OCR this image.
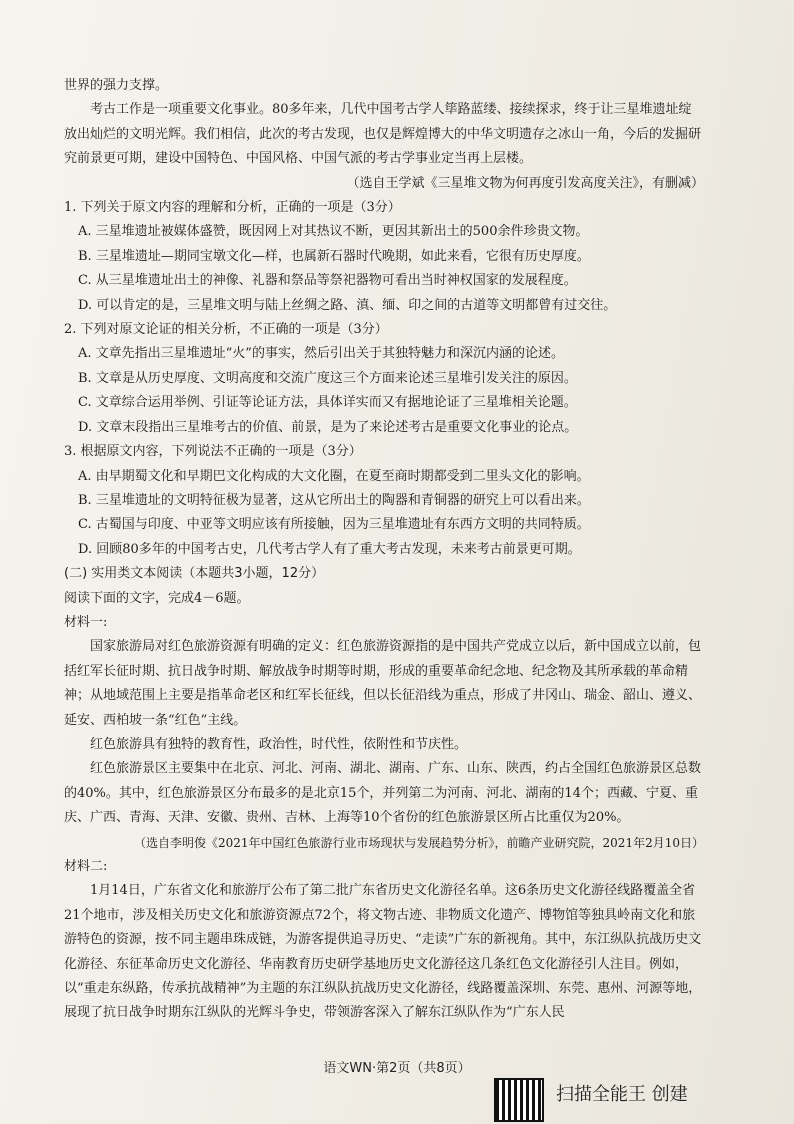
世界的强力支撑。

考古工作是一项重要文化事业。80多年来，几代中国考古学人筚路蓝缕、接续探求，终于让三星堆遗址绽放出灿烂的文明光辉。我们相信，此次的考古发现，也仅是辉煌博大的中华文明遗存之冰山一角，今后的发掘研究前景更可期，建设中国特色、中国风格、中国气派的考古学事业定当再上层楼。

（选自王学斌《三星堆文物为何再度引发高度关注》，有删减）

1. 下列关于原文内容的理解和分析，正确的一项是（3分）

A. 三星堆遗址被媒体盛赞，既因网上对其热议不断，更因其新出土的500余件珍贵文物。

B. 三星堆遗址—期同宝墩文化—样，也属新石器时代晚期，如此来看，它很有历史厚度。

C. 从三星堆遗址出土的神像、礼器和祭品等祭祀器物可看出当时神权国家的发展程度。

D. 可以肯定的是，三星堆文明与陆上丝绸之路、滇、缅、印之间的古道等文明都曾有过交往。

2. 下列对原文论证的相关分析，不正确的一项是（3分）

A. 文章先指出三星堆遗址“火”的事实，然后引出关于其独特魅力和深沉内涵的论述。

B. 文章是从历史厚度、文明高度和交流广度这三个方面来论述三星堆引发关注的原因。

C. 文章综合运用举例、引证等论证方法，具体详实而又有据地论证了三星堆相关论题。

D. 文章末段指出三星堆考古的价值、前景，是为了来论述考古是重要文化事业的论点。

3. 根据原文内容，下列说法不正确的一项是（3分）

A. 由早期蜀文化和早期巴文化构成的大文化圈，在夏至商时期都受到二里头文化的影响。

B. 三星堆遗址的文明特征极为显著，这从它所出土的陶器和青铜器的研究上可以看出来。

C. 古蜀国与印度、中亚等文明应该有所接触，因为三星堆遗址有东西方文明的共同特质。

D. 回顾80多年的中国考古史，几代考古学人有了重大考古发现，未来考古前景更可期。

(二) 实用类文本阅读（本题共3小题，12分）

阅读下面的文字，完成4－6题。

材料一:

国家旅游局对红色旅游资源有明确的定义：红色旅游资源指的是中国共产党成立以后，新中国成立以前，包括红军长征时期、抗日战争时期、解放战争时期等时期，形成的重要革命纪念地、纪念物及其所承载的革命精神；从地域范围上主要是指革命老区和红军长征线，但以长征沿线为重点，形成了井冈山、瑞金、韶山、遵义、延安、西柏坡一条“红色”主线。

红色旅游具有独特的教育性，政治性，时代性，依附性和节庆性。

红色旅游景区主要集中在北京、河北、河南、湖北、湖南、广东、山东、陕西，约占全国红色旅游景区总数的40%。其中，红色旅游景区分布最多的是北京15个，并列第二为河南、河北、湖南的14个；西藏、宁夏、重庆、广西、青海、天津、安徽、贵州、吉林、上海等10个省份的红色旅游景区所占比重仅为20%。

（选自李明俊《2021年中国红色旅游行业市场现状与发展趋势分析》，前瞻产业研究院，2021年2月10日）

材料二:

1月14日，广东省文化和旅游厅公布了第二批广东省历史文化游径名单。这6条历史文化游径线路覆盖全省21个地市，涉及相关历史文化和旅游资源点72个，将文物古迹、非物质文化遗产、博物馆等独具岭南文化和旅游特色的资源，按不同主题串珠成链，为游客提供追寻历史、“走读”广东的新视角。其中，东江纵队抗战历史文化游径、东征革命历史文化游径、华南教育历史研学基地历史文化游径这几条红色文化游径引人注目。例如，以“重走东纵路，传承抗战精神”为主题的东江纵队抗战历史文化游径，线路覆盖深圳、东莞、惠州、河源等地，展现了抗日战争时期东江纵队的光辉斗争史，带领游客深入了解东江纵队作为“广东人民

语文WN·第2页（共8页）
扫描全能王 创建
